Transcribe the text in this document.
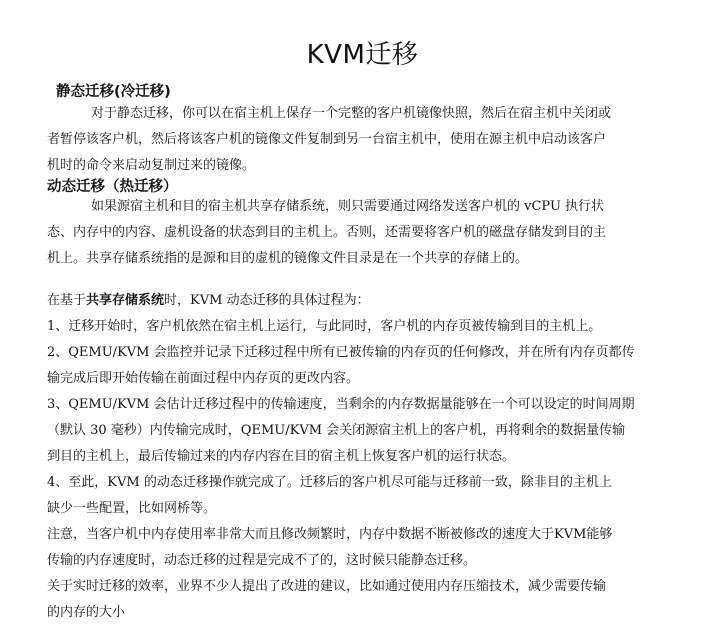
KVM迁移
静态迁移(冷迁移)
对于静态迁移，你可以在宿主机上保存一个完整的客户机镜像快照，然后在宿主机中关闭或
者暂停该客户机，然后将该客户机的镜像文件复制到另一台宿主机中，使用在源主机中启动该客户
机时的命令来启动复制过来的镜像。
动态迁移（热迁移）
如果源宿主机和目的宿主机共享存储系统，则只需要通过网络发送客户机的 vCPU 执行状
态、内存中的内容、虚机设备的状态到目的主机上。否则，还需要将客户机的磁盘存储发到目的主
机上。共享存储系统指的是源和目的虚机的镜像文件目录是在一个共享的存储上的。
在基于共享存储系统时，KVM 动态迁移的具体过程为：
1、迁移开始时，客户机依然在宿主机上运行，与此同时，客户机的内存页被传输到目的主机上。
2、QEMU/KVM 会监控并记录下迁移过程中所有已被传输的内存页的任何修改，并在所有内存页都传
输完成后即开始传输在前面过程中内存页的更改内容。
3、QEMU/KVM 会估计迁移过程中的传输速度，当剩余的内存数据量能够在一个可以设定的时间周期
（默认 30 毫秒）内传输完成时，QEMU/KVM 会关闭源宿主机上的客户机，再将剩余的数据量传输
到目的主机上，最后传输过来的内存内容在目的宿主机上恢复客户机的运行状态。
4、至此，KVM 的动态迁移操作就完成了。迁移后的客户机尽可能与迁移前一致，除非目的主机上
缺少一些配置，比如网桥等。
注意，当客户机中内存使用率非常大而且修改频繁时，内存中数据不断被修改的速度大于KVM能够
传输的内存速度时，动态迁移的过程是完成不了的，这时候只能静态迁移。
关于实时迁移的效率，业界不少人提出了改进的建议，比如通过使用内存压缩技术，减少需要传输
的内存的大小
